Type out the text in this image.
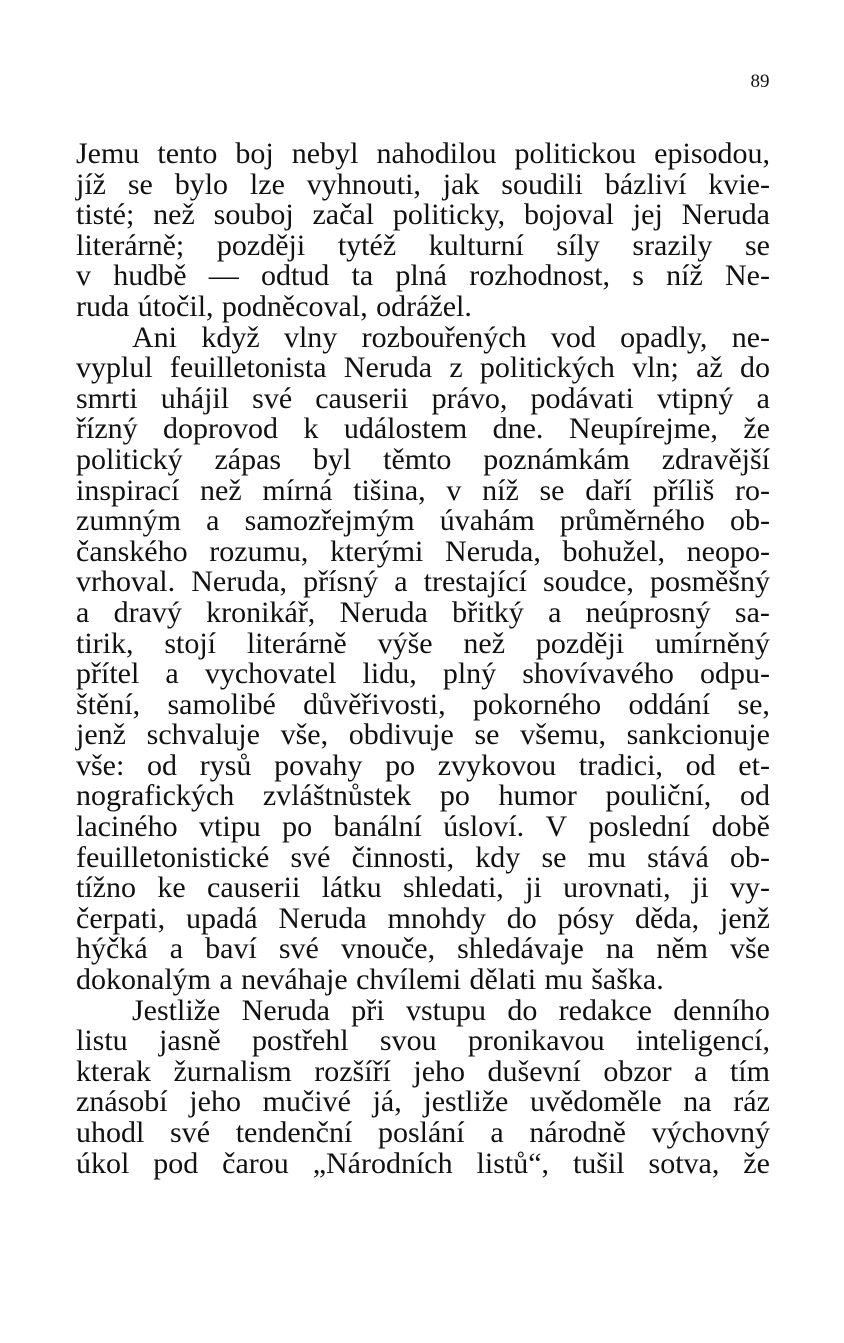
89
Jemu tento boj nebyl nahodilou politickou episodou,
jíž se bylo lze vyhnouti, jak soudili bázliví kvie-
tisté; než souboj začal politicky, bojoval jej Neruda
literárně; později tytéž kulturní síly srazily se
v hudbě — odtud ta plná rozhodnost, s níž Ne-
ruda útočil, podněcoval, odrážel.
Ani když vlny rozbouřených vod opadly, ne-
vyplul feuilletonista Neruda z politických vln; až do
smrti uhájil své causerii právo, podávati vtipný a
řízný doprovod k událostem dne. Neupírejme, že
politický zápas byl těmto poznámkám zdravější
inspirací než mírná tišina, v níž se daří příliš ro-
zumným a samozřejmým úvahám průměrného ob-
čanského rozumu, kterými Neruda, bohužel, neopo-
vrhoval. Neruda, přísný a trestající soudce, posměšný
a dravý kronikář, Neruda břitký a neúprosný sa-
tirik, stojí literárně výše než později umírněný
přítel a vychovatel lidu, plný shovívavého odpu-
štění, samolibé důvěřivosti, pokorného oddání se,
jenž schvaluje vše, obdivuje se všemu, sankcionuje
vše: od rysů povahy po zvykovou tradici, od et-
nografických zvláštnůstek po humor pouliční, od
laciného vtipu po banální úsloví. V poslední době
feuilletonistické své činnosti, kdy se mu stává ob-
tížno ke causerii látku shledati, ji urovnati, ji vy-
čerpati, upadá Neruda mnohdy do pósy děda, jenž
hýčká a baví své vnouče, shledávaje na něm vše
dokonalým a neváhaje chvílemi dělati mu šaška.
Jestliže Neruda při vstupu do redakce denního
listu jasně postřehl svou pronikavou inteligencí,
kterak žurnalism rozšíří jeho duševní obzor a tím
znásobí jeho mučivé já, jestliže uvědoměle na ráz
uhodl své tendenční poslání a národně výchovný
úkol pod čarou „Národních listů“, tušil sotva, že
